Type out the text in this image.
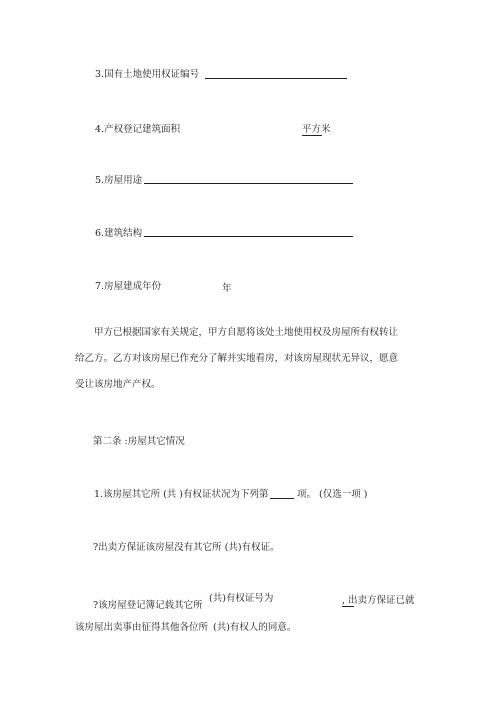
3.国有土地使用权证编号
4.产权登记建筑面积	平方米
5.房屋用途
6.建筑结构
7.房屋建成年份	年
甲方已根据国家有关规定，甲方自愿将该处土地使用权及房屋所有权转让给乙方。乙方对该房屋已作充分了解并实地看房，对该房屋现状无异议，愿意受让该房地产产权。
第二条 :房屋其它情况
1.该房屋其它所 (共 )有权证状况为下列第	项。 (仅选一项 )
?出卖方保证该房屋没有其它所 (共)有权证。
?该房屋登记簿记载其它所
(共)有权证号为	, 出卖方保证已就
该房屋出卖事由征得其他各位所 (共)有权人的同意。
